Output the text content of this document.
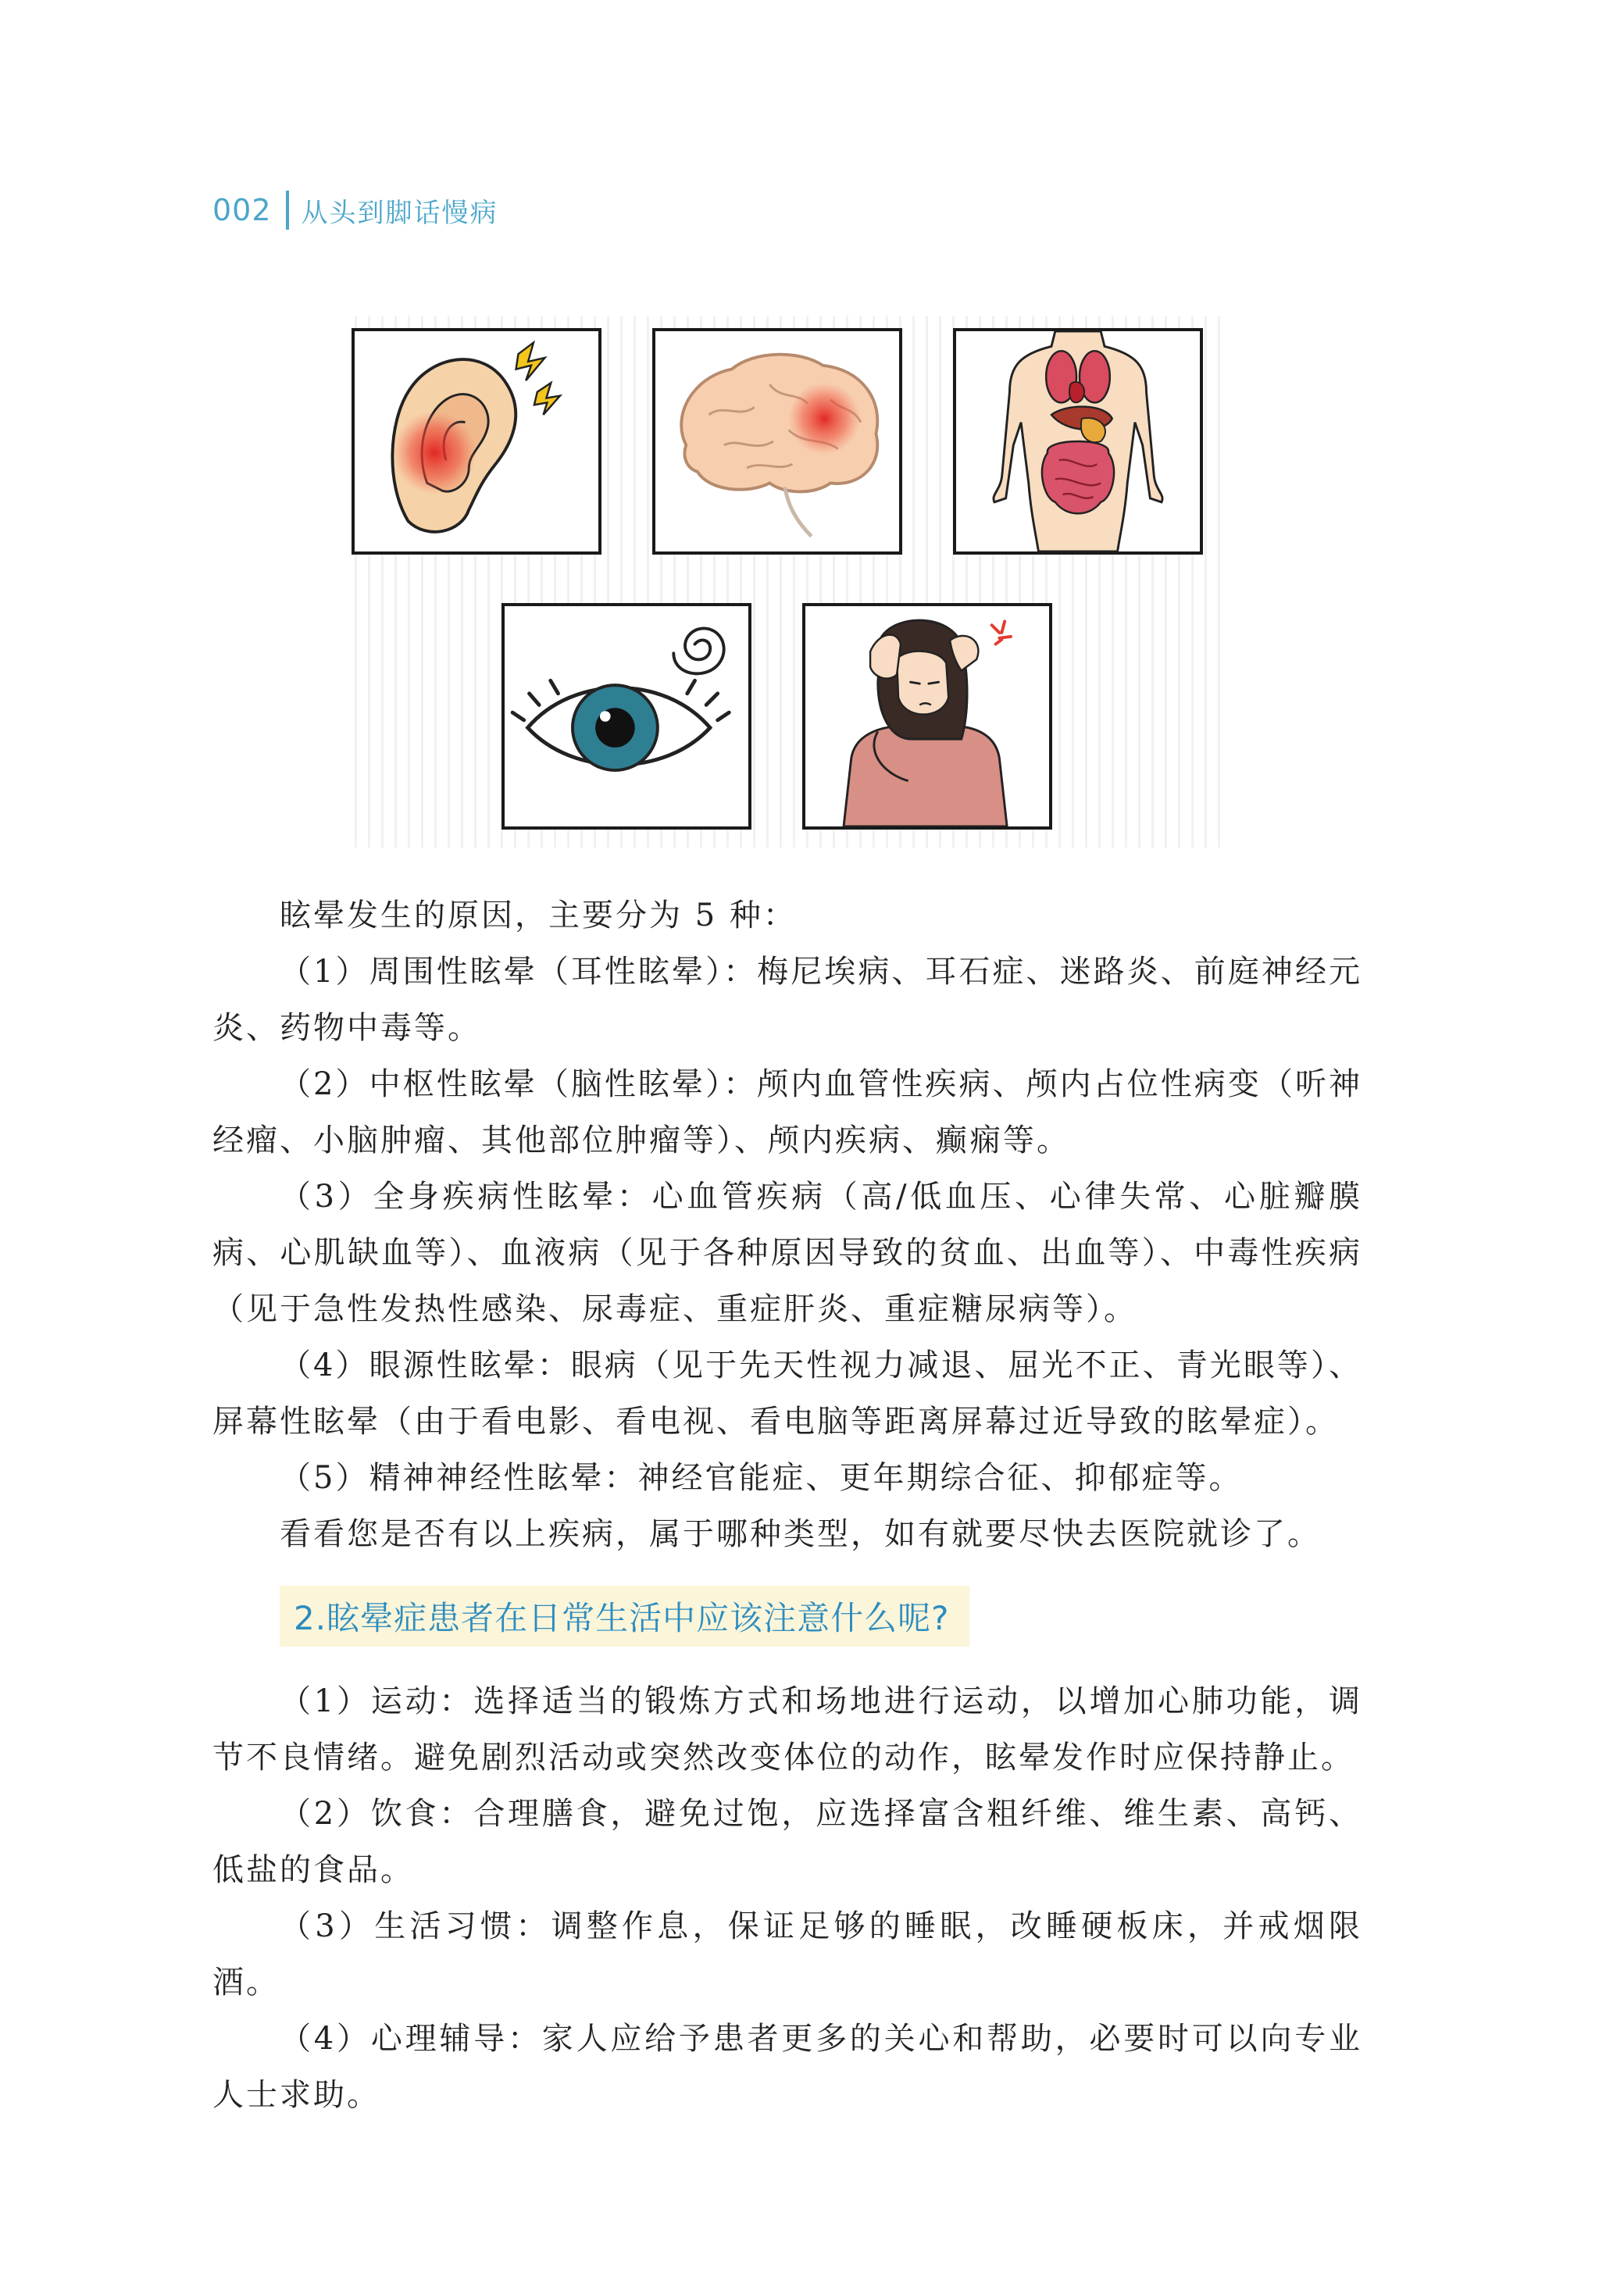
002 从头到脚话慢病

眩晕发生的原因，主要分为 5 种：

（1）周围性眩晕（耳性眩晕）：梅尼埃病、耳石症、迷路炎、前庭神经元炎、药物中毒等。

（2）中枢性眩晕（脑性眩晕）：颅内血管性疾病、颅内占位性病变（听神经瘤、小脑肿瘤、其他部位肿瘤等）、颅内疾病、癫痫等。

（3）全身疾病性眩晕：心血管疾病（高/低血压、心律失常、心脏瓣膜病、心肌缺血等）、血液病（见于各种原因导致的贫血、出血等）、中毒性疾病（见于急性发热性感染、尿毒症、重症肝炎、重症糖尿病等）。

（4）眼源性眩晕：眼病（见于先天性视力减退、屈光不正、青光眼等）、屏幕性眩晕（由于看电影、看电视、看电脑等距离屏幕过近导致的眩晕症）。

（5）精神神经性眩晕：神经官能症、更年期综合征、抑郁症等。

看看您是否有以上疾病，属于哪种类型，如有就要尽快去医院就诊了。

2.眩晕症患者在日常生活中应该注意什么呢?

（1）运动：选择适当的锻炼方式和场地进行运动，以增加心肺功能，调节不良情绪。避免剧烈活动或突然改变体位的动作，眩晕发作时应保持静止。

（2）饮食：合理膳食，避免过饱，应选择富含粗纤维、维生素、高钙、低盐的食品。

（3）生活习惯：调整作息，保证足够的睡眠，改睡硬板床，并戒烟限酒。

（4）心理辅导：家人应给予患者更多的关心和帮助，必要时可以向专业人士求助。
